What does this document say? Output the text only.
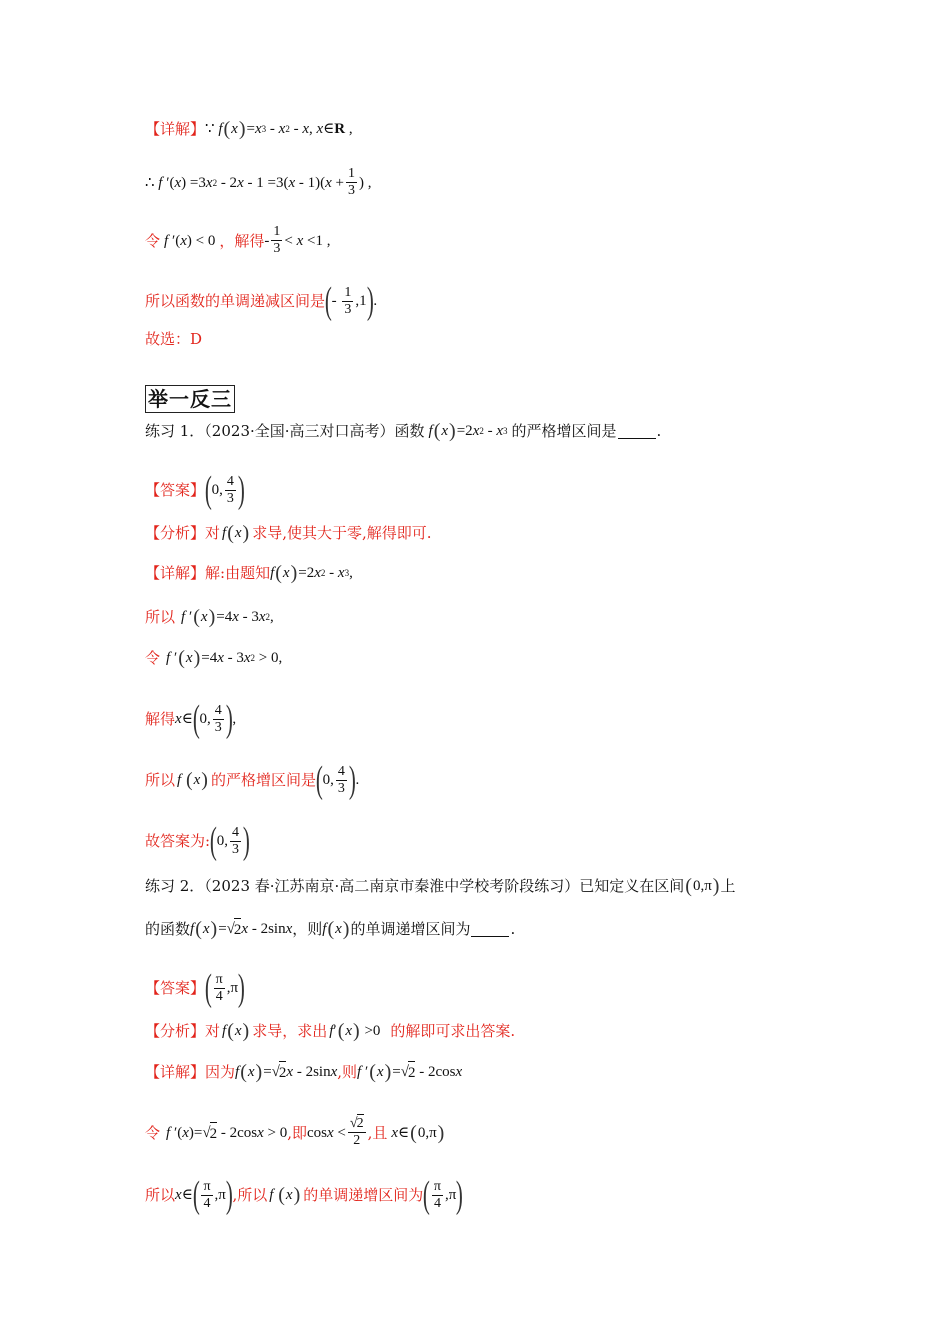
【详解】 ∵ f ( x ) = x 3 - x 2 - x , x ∈ R ,
∴ f ′( x ) =3 x 2 - 2 x - 1 =3( x - 1)( $x + \frac{1}{3}$ ) ,
令 f ′( x ) < 0 ，解得 - $\frac{1}{3} < x <1$ ,
所以函数的单调递减区间是 ( - $\frac{1}{3} ,1$ ) .
故选：D
举一反三
练习 1．（2023·全国·高三对口高考）函数 f ( x ) =2 x 2 - x 3 的严格增区间是	.
【答案】 ( 0, $\frac{4}{3}$ )
【分析】 对 f ( x ) 求导,使其大于零,解得即可.
【详解】 解:由题知 f ( x ) =2 x 2 - x 3 ,
所以 f ′ ( x ) =4 x - 3 x 2 ,
令 f ′ ( x ) =4 x - 3 x 2 > 0,
解得 x ∈ ( 0, $\frac{4}{3}$ ) ,
所以 f
( x ) 的严格增区间是 ( 0, $\frac{4}{3}$ ) .
故答案为: ( 0, $\frac{4}{3}$ )
练习 2．（2023 春·江苏南京·高二南京市秦淮中学校考阶段练习）已知定义在区间 ( 0,π ) 上
的函数 f ( x ) =√ 2 x - 2sin x ，则 f ( x ) 的单调递增区间为	.
【答案】 ( $\frac{\pi}{4} ,\pi$ )
【分析】 对 f ( x ) 求导，求出 f ′ ( x ) >0 的解即可求出答案.
【详解】 因为 f ( x ) =√ 2 x - 2sin x ,则 f ′ ( x ) =√ 2 - 2cos x
令 f ′( x )=√ 2 - 2cos x > 0 ,即 $\cos x < \frac{√2}{2}$ ,且 x ∈ ( 0,π )
所以 x ∈ ( $\frac{\pi}{4} ,\pi$ ) ,所以 f
( x ) 的单调递增区间为 ( $\frac{\pi}{4} ,\pi$ )
